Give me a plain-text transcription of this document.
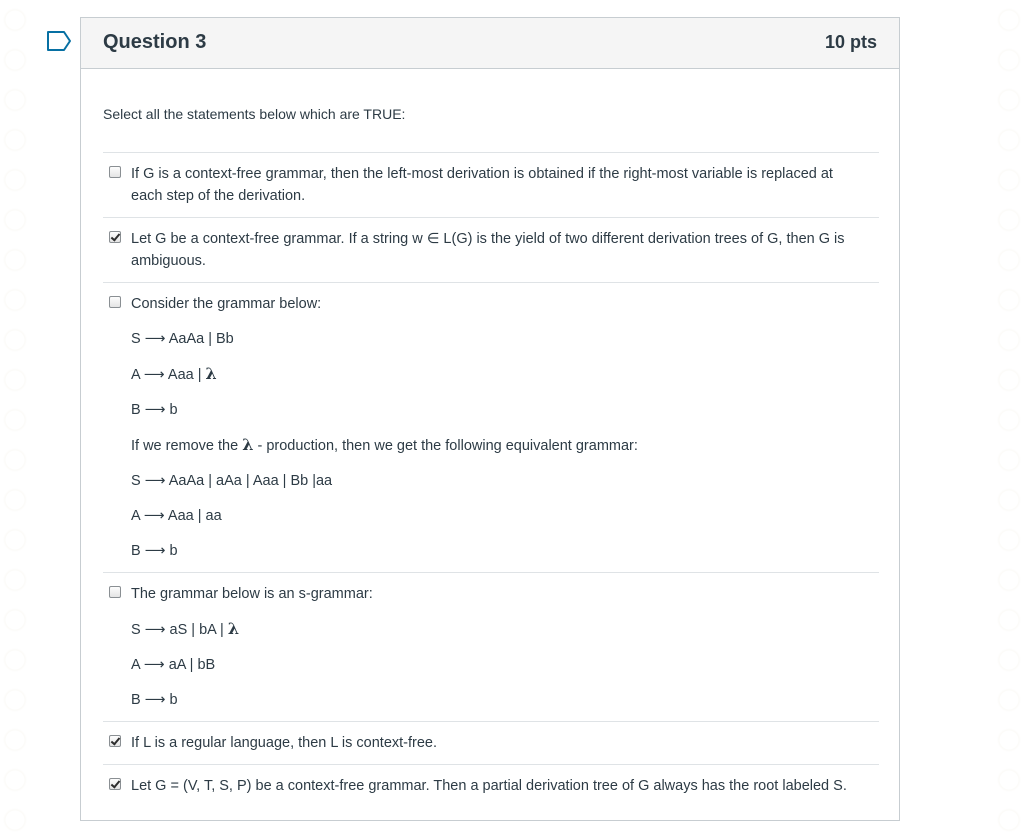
Question 3	10 pts
Select all the statements below which are TRUE:
If G is a context-free grammar, then the left-most derivation is obtained if the right-most variable is replaced at
each step of the derivation.
Let G be a context-free grammar. If a string w ∈ L(G) is the yield of two different derivation trees of G, then G is
ambiguous.
Consider the grammar below:
S ⟶ AaAa | Bb
A ⟶ Aaa | λ
B ⟶ b
If we remove the λ - production, then we get the following equivalent grammar:
S ⟶ AaAa | aAa | Aaa | Bb |aa
A ⟶ Aaa | aa
B ⟶ b
The grammar below is an s-grammar:
S ⟶ aS | bA | λ
A ⟶ aA | bB
B ⟶ b
If L is a regular language, then L is context-free.
Let G = (V, T, S, P) be a context-free grammar. Then a partial derivation tree of G always has the root labeled S.
